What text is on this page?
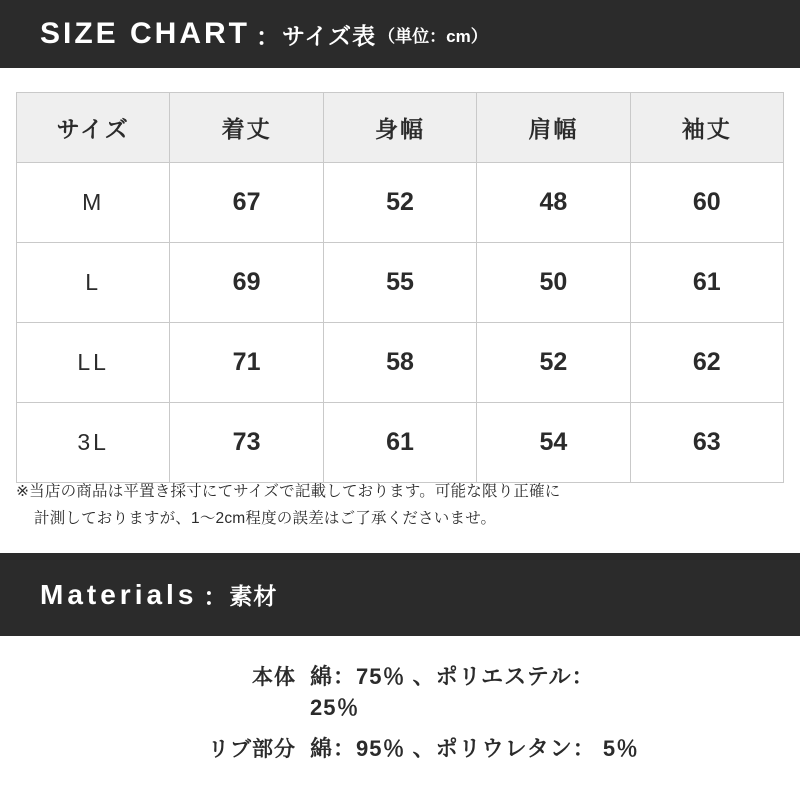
SIZE CHART ： サイズ表 （単位：cm）
サイズ	着丈	身幅	肩幅	袖丈
M	67	52	48	60
L	69	55	50	61
LL	71	58	52	62
3L	73	61	54	63
※当店の商品は平置き採寸にてサイズで記載しております。可能な限り正確に
計測しておりますが、1〜2cm程度の誤差はご了承くださいませ。
Materials ： 素材
本体 綿：75％ 、ポリエステル：25％
リブ部分 綿：95％ 、ポリウレタン： 5％
